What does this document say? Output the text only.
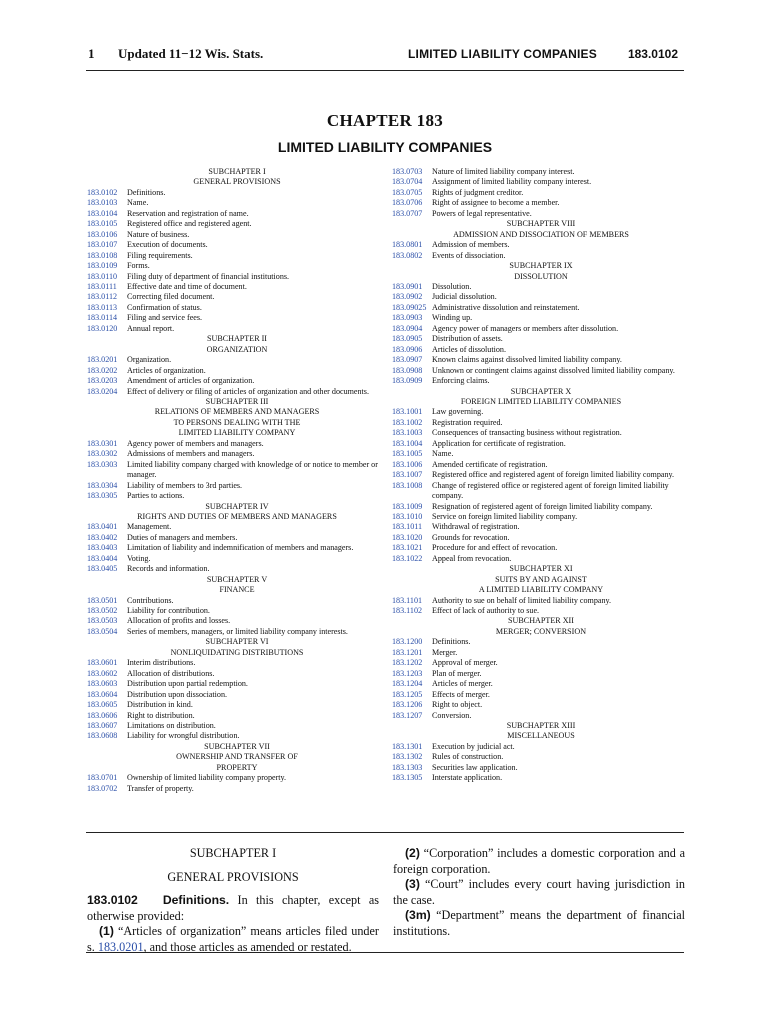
1 Updated 11−12 Wis. Stats.	LIMITED LIABILITY COMPANIES	183.0102
CHAPTER 183
LIMITED LIABILITY COMPANIES
SUBCHAPTER I
GENERAL PROVISIONS
183.0102	Definitions.
183.0103	Name.
183.0104	Reservation and registration of name.
183.0105	Registered office and registered agent.
183.0106	Nature of business.
183.0107	Execution of documents.
183.0108	Filing requirements.
183.0109	Forms.
183.0110	Filing duty of department of financial institutions.
183.0111	Effective date and time of document.
183.0112	Correcting filed document.
183.0113	Confirmation of status.
183.0114	Filing and service fees.
183.0120	Annual report.
SUBCHAPTER II
ORGANIZATION
183.0201	Organization.
183.0202	Articles of organization.
183.0203	Amendment of articles of organization.
183.0204	Effect of delivery or filing of articles of organization and other documents.
SUBCHAPTER III
RELATIONS OF MEMBERS AND MANAGERS
TO PERSONS DEALING WITH THE
LIMITED LIABILITY COMPANY
183.0301	Agency power of members and managers.
183.0302	Admissions of members and managers.
183.0303	Limited liability company charged with knowledge of or notice to member or manager.
183.0304	Liability of members to 3rd parties.
183.0305	Parties to actions.
SUBCHAPTER IV
RIGHTS AND DUTIES OF MEMBERS AND MANAGERS
183.0401	Management.
183.0402	Duties of managers and members.
183.0403	Limitation of liability and indemnification of members and managers.
183.0404	Voting.
183.0405	Records and information.
SUBCHAPTER V
FINANCE
183.0501	Contributions.
183.0502	Liability for contribution.
183.0503	Allocation of profits and losses.
183.0504	Series of members, managers, or limited liability company interests.
SUBCHAPTER VI
NONLIQUIDATING DISTRIBUTIONS
183.0601	Interim distributions.
183.0602	Allocation of distributions.
183.0603	Distribution upon partial redemption.
183.0604	Distribution upon dissociation.
183.0605	Distribution in kind.
183.0606	Right to distribution.
183.0607	Limitations on distribution.
183.0608	Liability for wrongful distribution.
SUBCHAPTER VII
OWNERSHIP AND TRANSFER OF
PROPERTY
183.0701	Ownership of limited liability company property.
183.0702	Transfer of property.
183.0703	Nature of limited liability company interest.
183.0704	Assignment of limited liability company interest.
183.0705	Rights of judgment creditor.
183.0706	Right of assignee to become a member.
183.0707	Powers of legal representative.
SUBCHAPTER VIII
ADMISSION AND DISSOCIATION OF MEMBERS
183.0801	Admission of members.
183.0802	Events of dissociation.
SUBCHAPTER IX
DISSOLUTION
183.0901	Dissolution.
183.0902	Judicial dissolution.
183.09025 Administrative dissolution and reinstatement.
183.0903	Winding up.
183.0904	Agency power of managers or members after dissolution.
183.0905	Distribution of assets.
183.0906	Articles of dissolution.
183.0907	Known claims against dissolved limited liability company.
183.0908	Unknown or contingent claims against dissolved limited liability company.
183.0909	Enforcing claims.
SUBCHAPTER X
FOREIGN LIMITED LIABILITY COMPANIES
183.1001	Law governing.
183.1002	Registration required.
183.1003	Consequences of transacting business without registration.
183.1004	Application for certificate of registration.
183.1005	Name.
183.1006	Amended certificate of registration.
183.1007	Registered office and registered agent of foreign limited liability company.
183.1008	Change of registered office or registered agent of foreign limited liability company.
183.1009	Resignation of registered agent of foreign limited liability company.
183.1010	Service on foreign limited liability company.
183.1011	Withdrawal of registration.
183.1020	Grounds for revocation.
183.1021	Procedure for and effect of revocation.
183.1022	Appeal from revocation.
SUBCHAPTER XI
SUITS BY AND AGAINST
A LIMITED LIABILITY COMPANY
183.1101	Authority to sue on behalf of limited liability company.
183.1102	Effect of lack of authority to sue.
SUBCHAPTER XII
MERGER; CONVERSION
183.1200	Definitions.
183.1201	Merger.
183.1202	Approval of merger.
183.1203	Plan of merger.
183.1204	Articles of merger.
183.1205	Effects of merger.
183.1206	Right to object.
183.1207	Conversion.
SUBCHAPTER XIII
MISCELLANEOUS
183.1301	Execution by judicial act.
183.1302	Rules of construction.
183.1303	Securities law application.
183.1305	Interstate application.

SUBCHAPTER I

GENERAL PROVISIONS

183.0102 Definitions. In this chapter, except as otherwise provided:

(1) “Articles of organization” means articles filed under s. 183.0201, and those articles as amended or restated.

(2) “Corporation” includes a domestic corporation and a foreign corporation.

(3) “Court” includes every court having jurisdiction in the case.

(3m) “Department” means the department of financial institutions.
